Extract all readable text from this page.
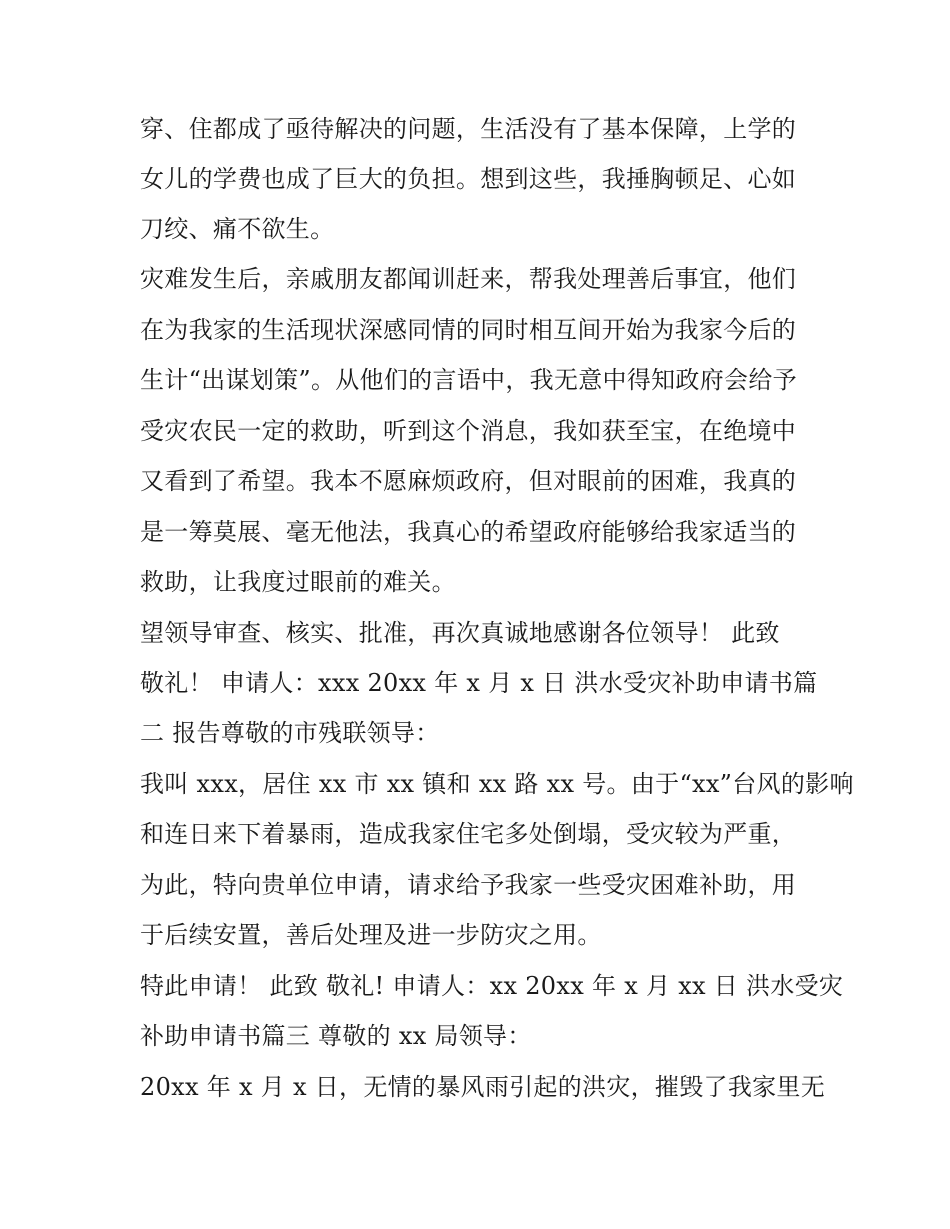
穿、住都成了亟待解决的问题，生活没有了基本保障，上学的
女儿的学费也成了巨大的负担。想到这些，我捶胸顿足、心如
刀绞、痛不欲生。
灾难发生后，亲戚朋友都闻训赶来，帮我处理善后事宜，他们
在为我家的生活现状深感同情的同时相互间开始为我家今后的
生计“出谋划策”。从他们的言语中，我无意中得知政府会给予
受灾农民一定的救助，听到这个消息，我如获至宝，在绝境中
又看到了希望。我本不愿麻烦政府，但对眼前的困难，我真的
是一筹莫展、毫无他法，我真心的希望政府能够给我家适当的
救助，让我度过眼前的难关。
望领导审查、核实、批准，再次真诚地感谢各位领导！ 此致
敬礼！ 申请人：xxx 20xx 年 x 月 x 日 洪水受灾补助申请书篇
二 报告尊敬的市残联领导：
我叫 xxx，居住 xx 市 xx 镇和 xx 路 xx 号。由于“xx”台风的影响
和连日来下着暴雨，造成我家住宅多处倒塌，受灾较为严重，
为此，特向贵单位申请，请求给予我家一些受灾困难补助，用
于后续安置，善后处理及进一步防灾之用。
特此申请！ 此致 敬礼! 申请人：xx 20xx 年 x 月 xx 日 洪水受灾
补助申请书篇三 尊敬的 xx 局领导：
20xx 年 x 月 x 日，无情的暴风雨引起的洪灾，摧毁了我家里无
